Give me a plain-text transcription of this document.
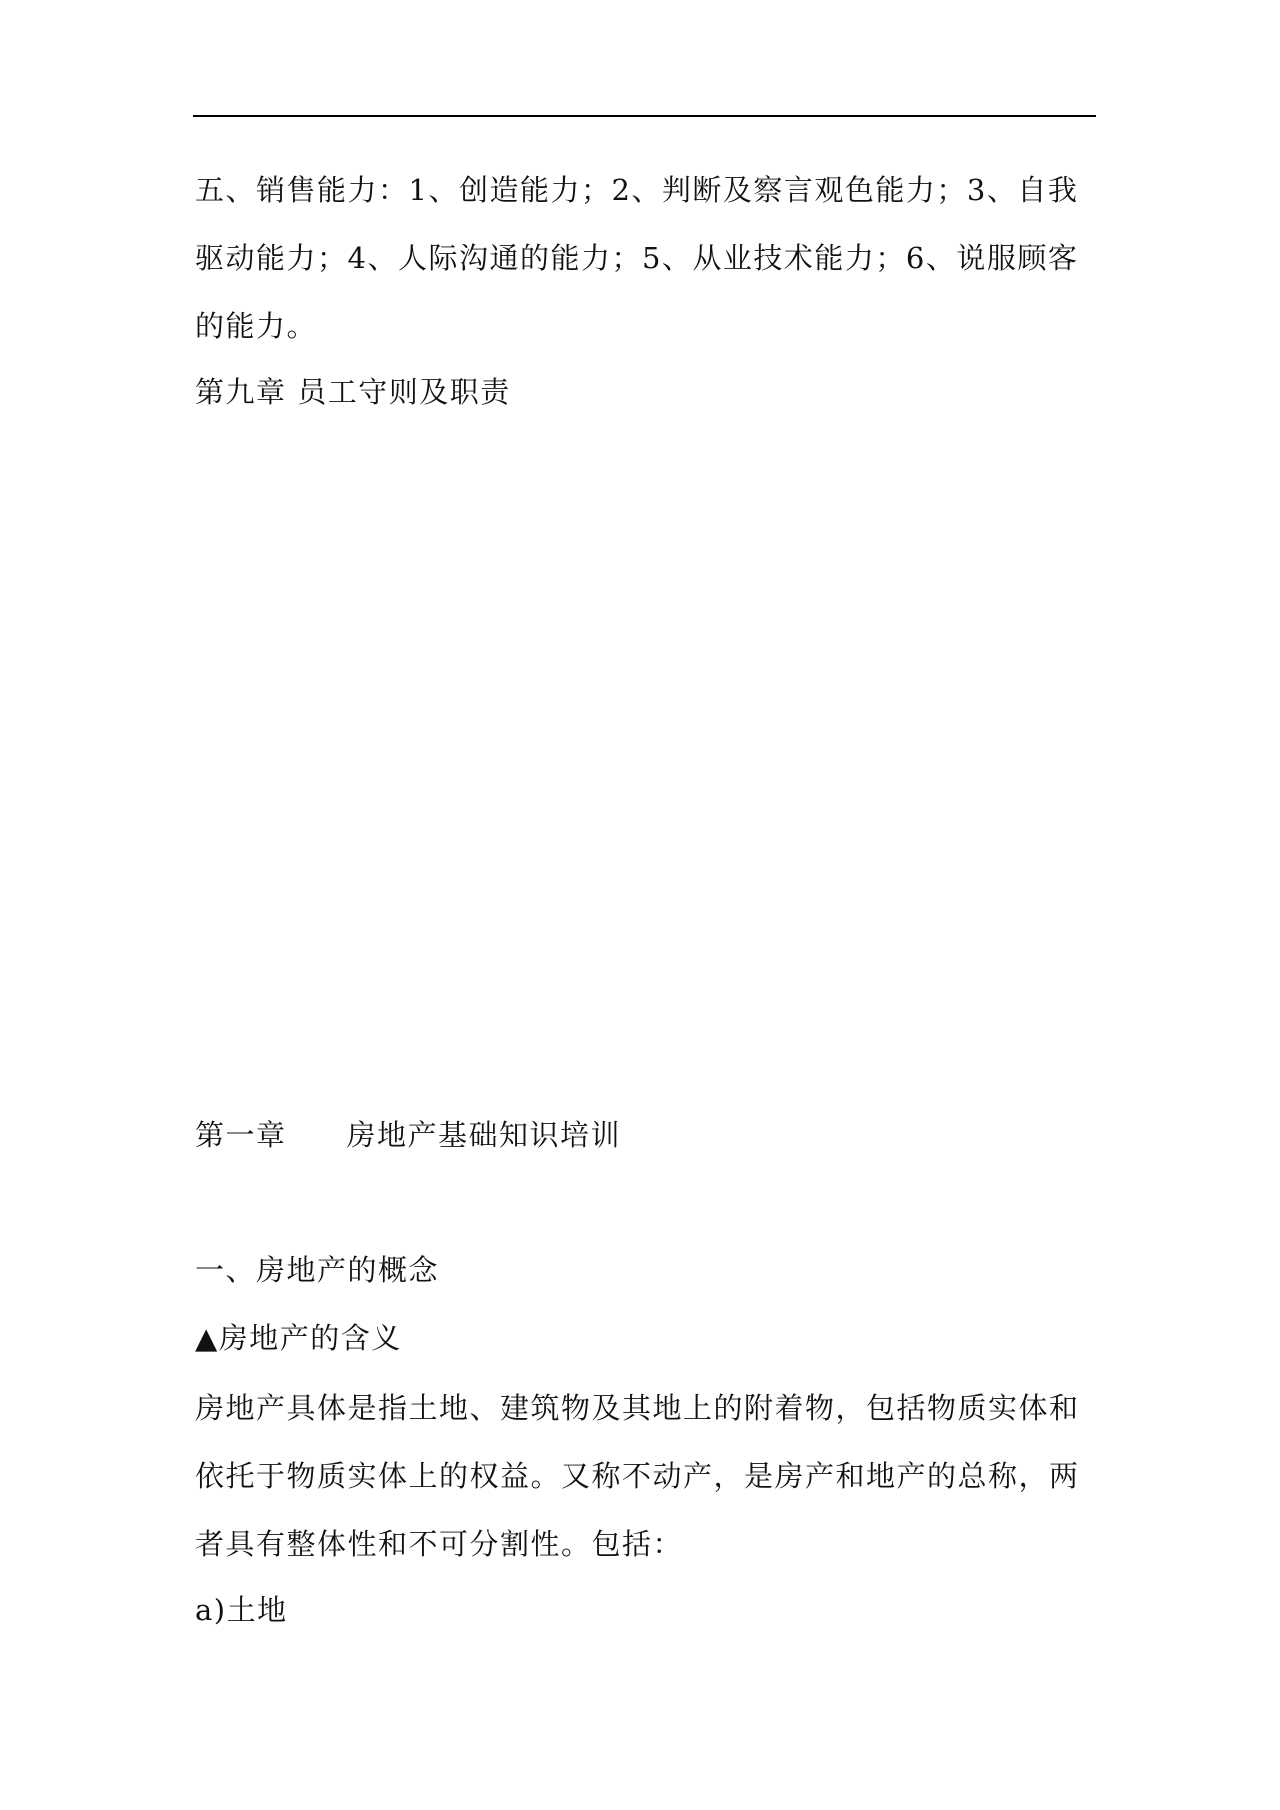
五、销售能力：1、创造能力；2、判断及察言观色能力；3、自我驱动能力；4、人际沟通的能力；5、从业技术能力；6、说服顾客的能力。

第九章 员工守则及职责

第一章 房地产基础知识培训

一、房地产的概念

▲房地产的含义

房地产具体是指土地、建筑物及其地上的附着物，包括物质实体和依托于物质实体上的权益。又称不动产，是房产和地产的总称，两者具有整体性和不可分割性。包括：

a)土地
